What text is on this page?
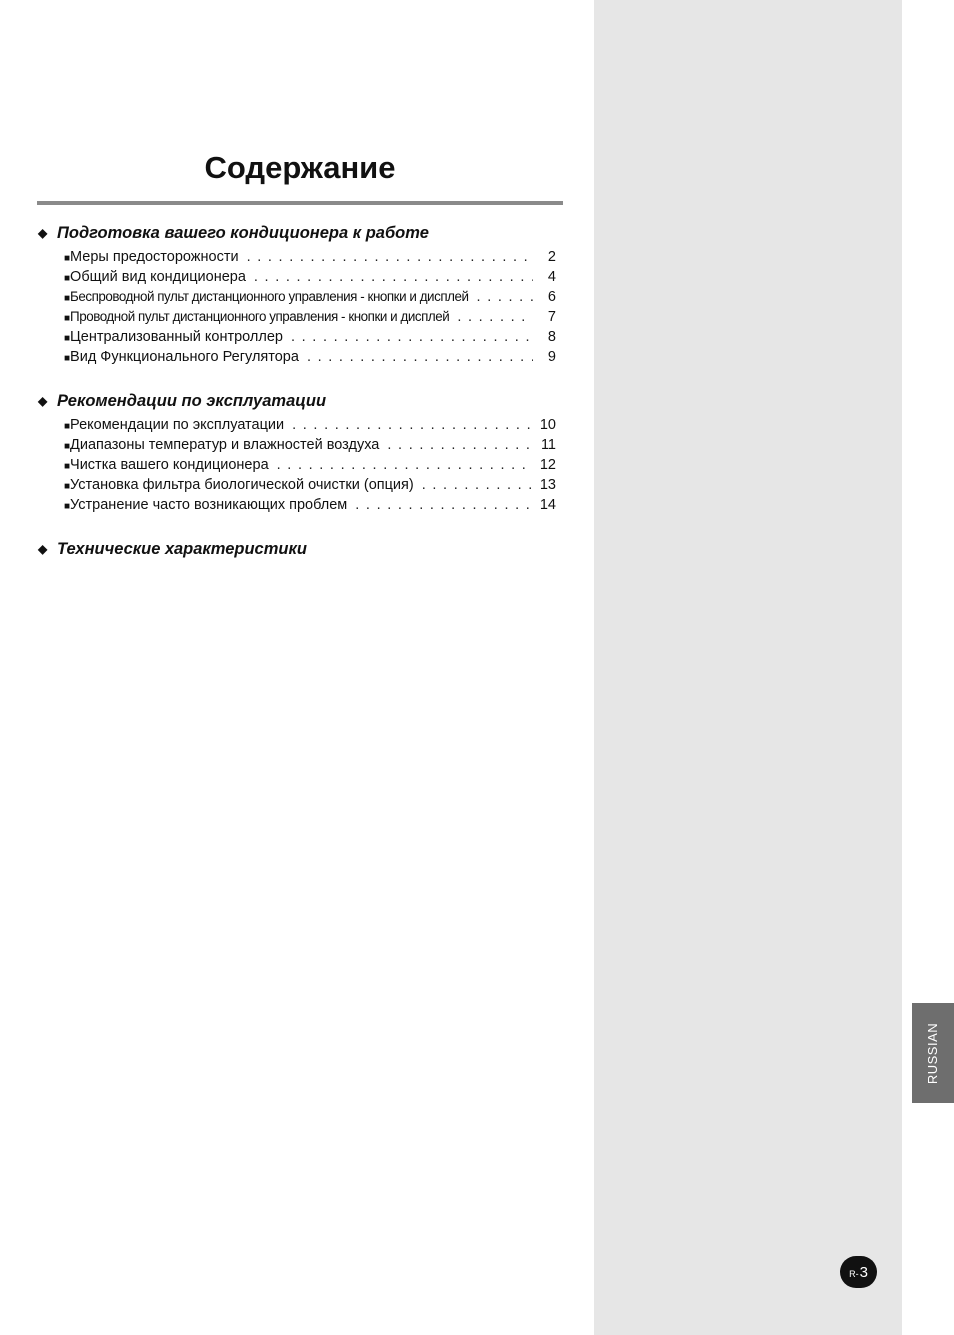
Содержание
◆ Подготовка вашего кондиционера к работе
■ Меры предосторожности . . .	2
■ Общий вид кондиционера . . .	4
■ Беспроводной пульт дистанционного управления - кнопки и дисплей . . .	6
■ Проводной пульт дистанционного управления - кнопки и дисплей . . .	7
■ Централизованный контроллер . . .	8
■ Вид Функционального Регулятора . . .	9
◆ Рекомендации по эксплуатации
■ Рекомендации по эксплуатации . . .	10
■ Диапазоны температур и влажностей воздуха . . .	11
■ Чистка вашего кондиционера . . .	12
■ Установка фильтра биологической очистки (опция) . . .	13
■ Устранение часто возникающих проблем . . .	14
◆ Технические характеристики
RUSSIAN
R- 3
